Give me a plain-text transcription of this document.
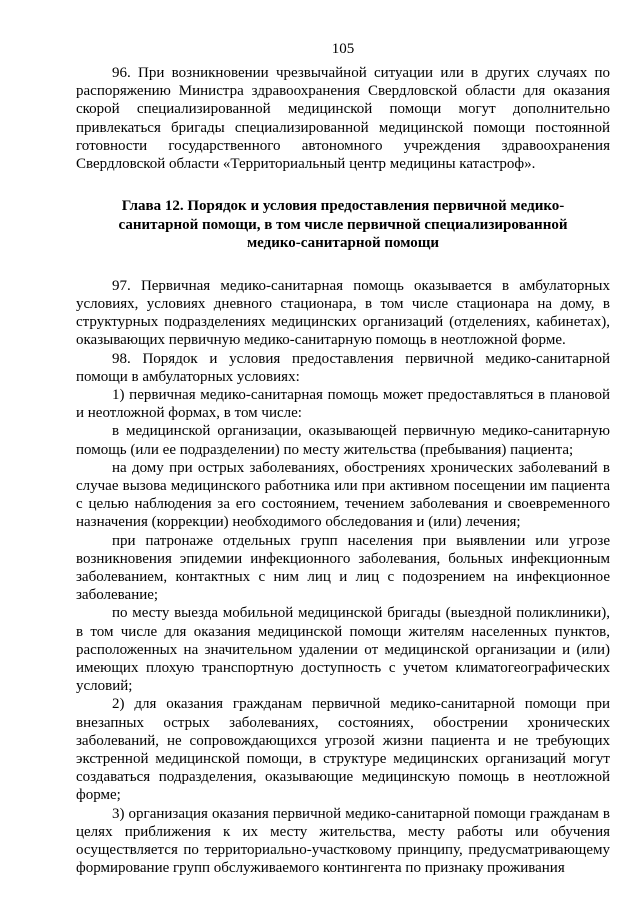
105

96. При возникновении чрезвычайной ситуации или в других случаях по распоряжению Министра здравоохранения Свердловской области для оказания скорой специализированной медицинской помощи могут дополнительно привлекаться бригады специализированной медицинской помощи постоянной готовности государственного автономного учреждения здравоохранения Свердловской области «Территориальный центр медицины катастроф».

Глава 12. Порядок и условия предоставления первичной медико-санитарной помощи, в том числе первичной специализированной медико-санитарной помощи

97. Первичная медико-санитарная помощь оказывается в амбулаторных условиях, условиях дневного стационара, в том числе стационара на дому, в структурных подразделениях медицинских организаций (отделениях, кабинетах), оказывающих первичную медико-санитарную помощь в неотложной форме.

98. Порядок и условия предоставления первичной медико-санитарной помощи в амбулаторных условиях:

1) первичная медико-санитарная помощь может предоставляться в плановой и неотложной формах, в том числе:

в медицинской организации, оказывающей первичную медико-санитарную помощь (или ее подразделении) по месту жительства (пребывания) пациента;

на дому при острых заболеваниях, обострениях хронических заболеваний в случае вызова медицинского работника или при активном посещении им пациента с целью наблюдения за его состоянием, течением заболевания и своевременного назначения (коррекции) необходимого обследования и (или) лечения;

при патронаже отдельных групп населения при выявлении или угрозе возникновения эпидемии инфекционного заболевания, больных инфекционным заболеванием, контактных с ним лиц и лиц с подозрением на инфекционное заболевание;

по месту выезда мобильной медицинской бригады (выездной поликлиники), в том числе для оказания медицинской помощи жителям населенных пунктов, расположенных на значительном удалении от медицинской организации и (или) имеющих плохую транспортную доступность с учетом климатогеографических условий;

2) для оказания гражданам первичной медико-санитарной помощи при внезапных острых заболеваниях, состояниях, обострении хронических заболеваний, не сопровождающихся угрозой жизни пациента и не требующих экстренной медицинской помощи, в структуре медицинских организаций могут создаваться подразделения, оказывающие медицинскую помощь в неотложной форме;

3) организация оказания первичной медико-санитарной помощи гражданам в целях приближения к их месту жительства, месту работы или обучения осуществляется по территориально-участковому принципу, предусматривающему формирование групп обслуживаемого контингента по признаку проживания
